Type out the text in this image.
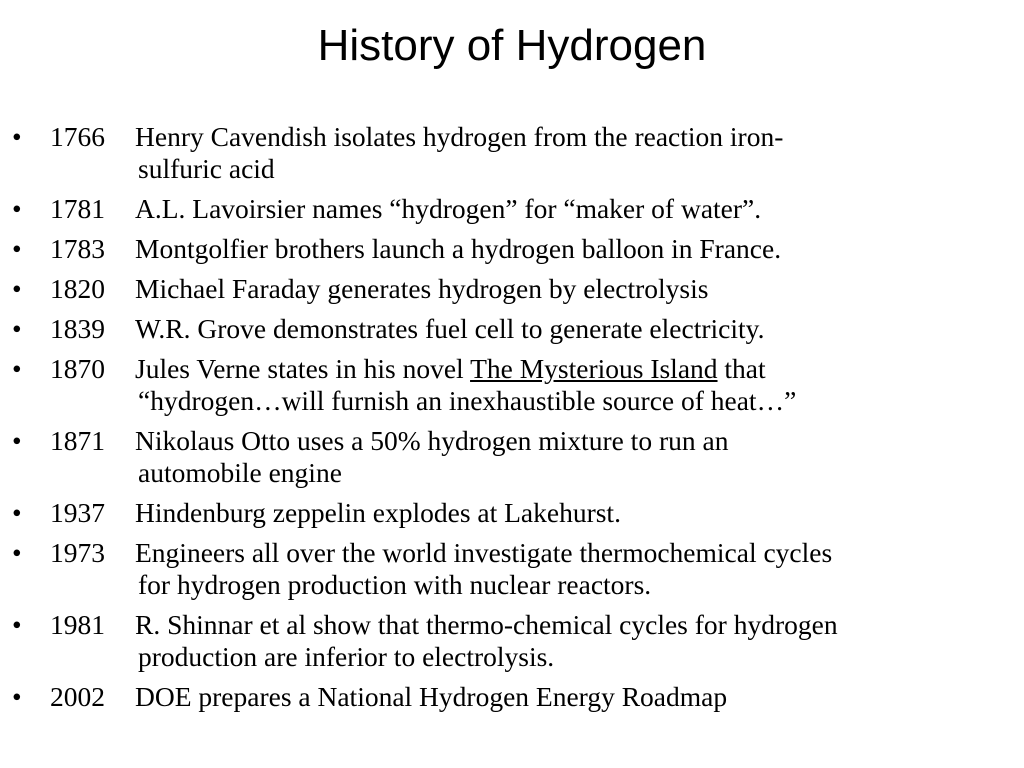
History of Hydrogen
•	1766 Henry Cavendish isolates hydrogen from the reaction iron-
sulfuric acid
•	1781 A.L. Lavoirsier names “hydrogen” for “maker of water”.
•	1783 Montgolfier brothers launch a hydrogen balloon in France.
•	1820 Michael Faraday generates hydrogen by electrolysis
•	1839 W.R. Grove demonstrates fuel cell to generate electricity.
•	1870 Jules Verne states in his novel The Mysterious Island that
“hydrogen…will furnish an inexhaustible source of heat…”
•	1871 Nikolaus Otto uses a 50% hydrogen mixture to run an
automobile engine
•	1937 Hindenburg zeppelin explodes at Lakehurst.
•	1973 Engineers all over the world investigate thermochemical cycles
for hydrogen production with nuclear reactors.
•	1981 R. Shinnar et al show that thermo-chemical cycles for hydrogen
production are inferior to electrolysis.
•	2002 DOE prepares a National Hydrogen Energy Roadmap
